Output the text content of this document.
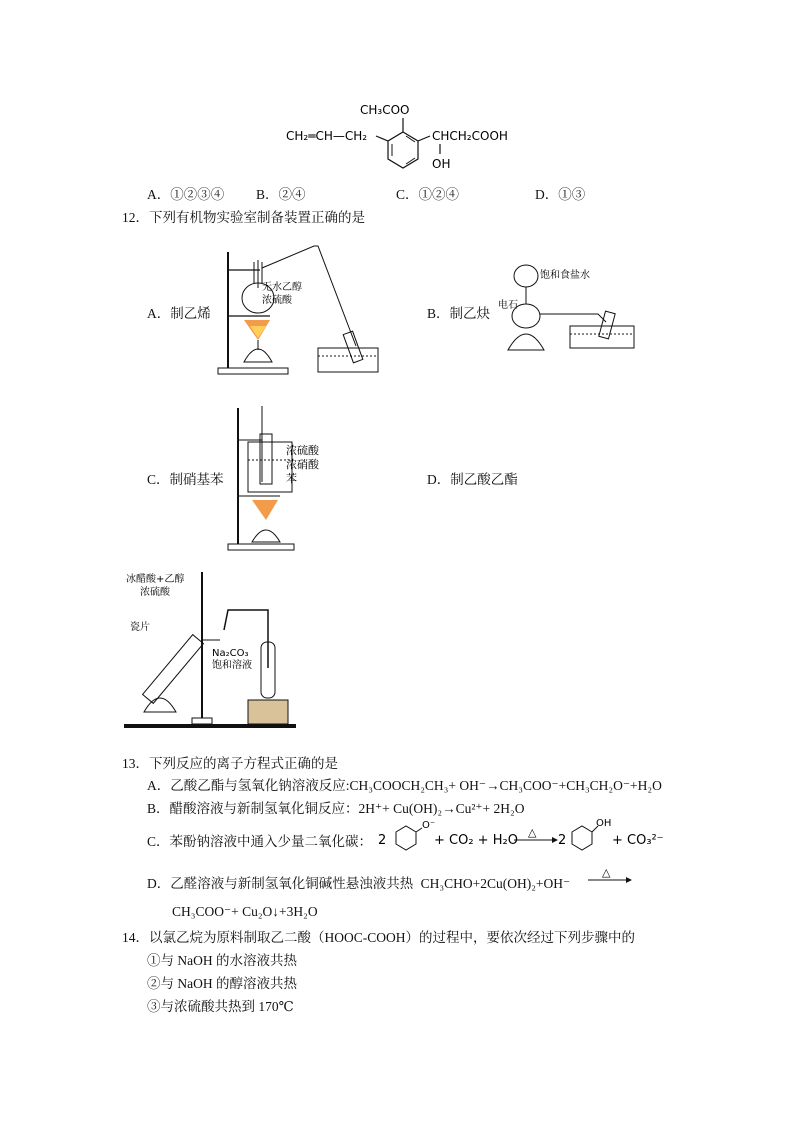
CH₃COO
CH₂═CH—CH₂	CHCH₂COOH
OH
A．①②③④ B．②④	C．①②④	D．①③
12．下列有机物实验室制备装置正确的是
A．制乙烯	B．制乙炔
C．制硝基苯	D．制乙酸乙酯
无水乙醇
浓硫酸
饱和食盐水
电石
浓硫酸
浓硝酸
苯
冰醋酸+乙醇
浓硫酸
瓷片
Na₂CO₃
饱和溶液
13．下列反应的离子方程式正确的是
A．乙酸乙酯与氢氧化钠溶液反应:CH₃COOCH₂CH₃+ OH⁻→CH₃COO⁻+CH₃CH₂O⁻+H₂O
B．醋酸溶液与新制氢氧化铜反应：2H⁺+ Cu(OH)₂→Cu²⁺+ 2H₂O
C．苯酚钠溶液中通入少量二氧化碳： 2
O⁻
+ CO₂ + H₂O
△
2
OH
+ CO₃²⁻
D．乙醛溶液与新制氢氧化铜碱性悬浊液共热 CH₃CHO+2Cu(OH)₂+OH⁻
△
CH₃COO⁻+ Cu₂O↓+3H₂O
14．以氯乙烷为原料制取乙二酸（HOOC-COOH）的过程中，要依次经过下列步骤中的
①与 NaOH 的水溶液共热
②与 NaOH 的醇溶液共热
③与浓硫酸共热到 170℃
